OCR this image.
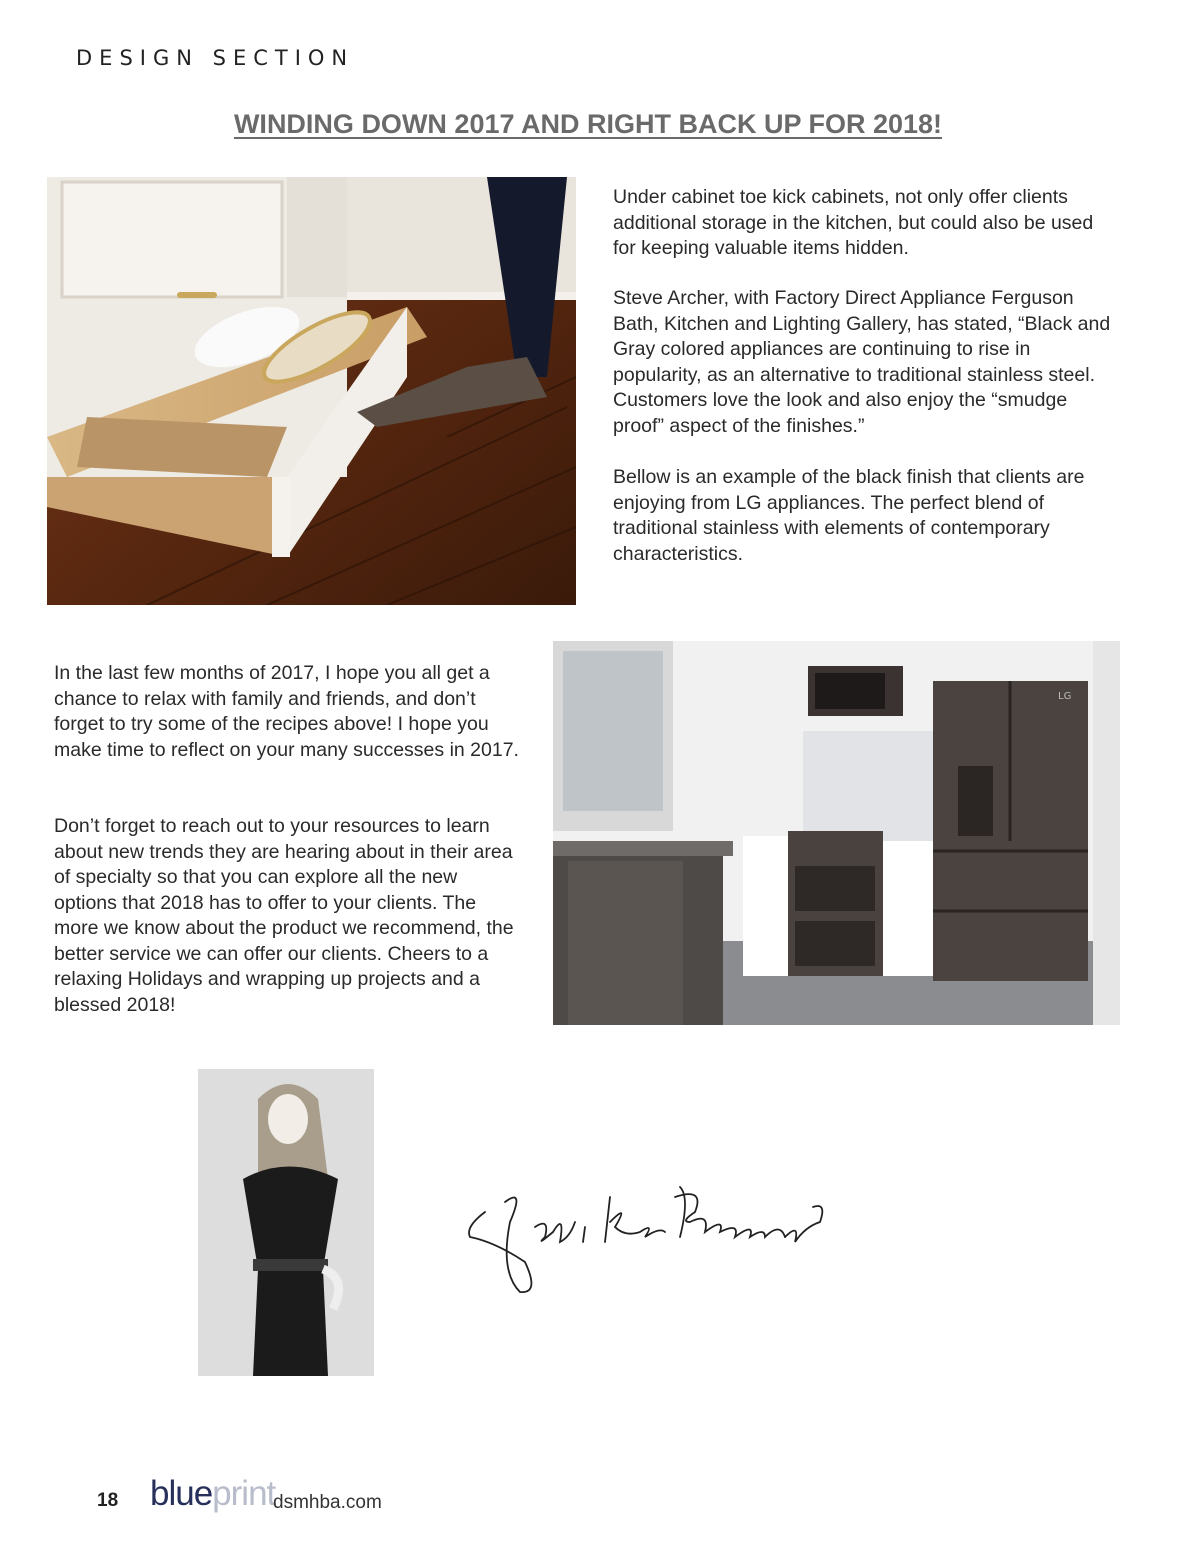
DESIGN SECTION
WINDING DOWN 2017 AND RIGHT BACK UP FOR 2018!

Under cabinet toe kick cabinets, not only offer clients additional storage in the kitchen, but could also be used for keeping valuable items hidden.

Steve Archer, with Factory Direct Appliance Ferguson Bath, Kitchen and Lighting Gallery, has stated, “Black and Gray colored appliances are continuing to rise in popularity, as an alternative to traditional stainless steel. Customers love the look and also enjoy the “smudge proof” aspect of the finishes.”

Bellow is an example of the black finish that clients are enjoying from LG appliances. The perfect blend of traditional stainless with elements of contemporary characteristics.

LG

In the last few months of 2017, I hope you all get a chance to relax with family and friends, and don’t forget to try some of the recipes above! I hope you make time to reflect on your many successes in 2017.

Don’t forget to reach out to your resources to learn about new trends they are hearing about in their area of specialty so that you can explore all the new options that 2018 has to offer to your clients. The more we know about the product we recommend, the better service we can offer our clients. Cheers to a relaxing Holidays and wrapping up projects and a blessed 2018!

18 blueprint
dsmhba.com
